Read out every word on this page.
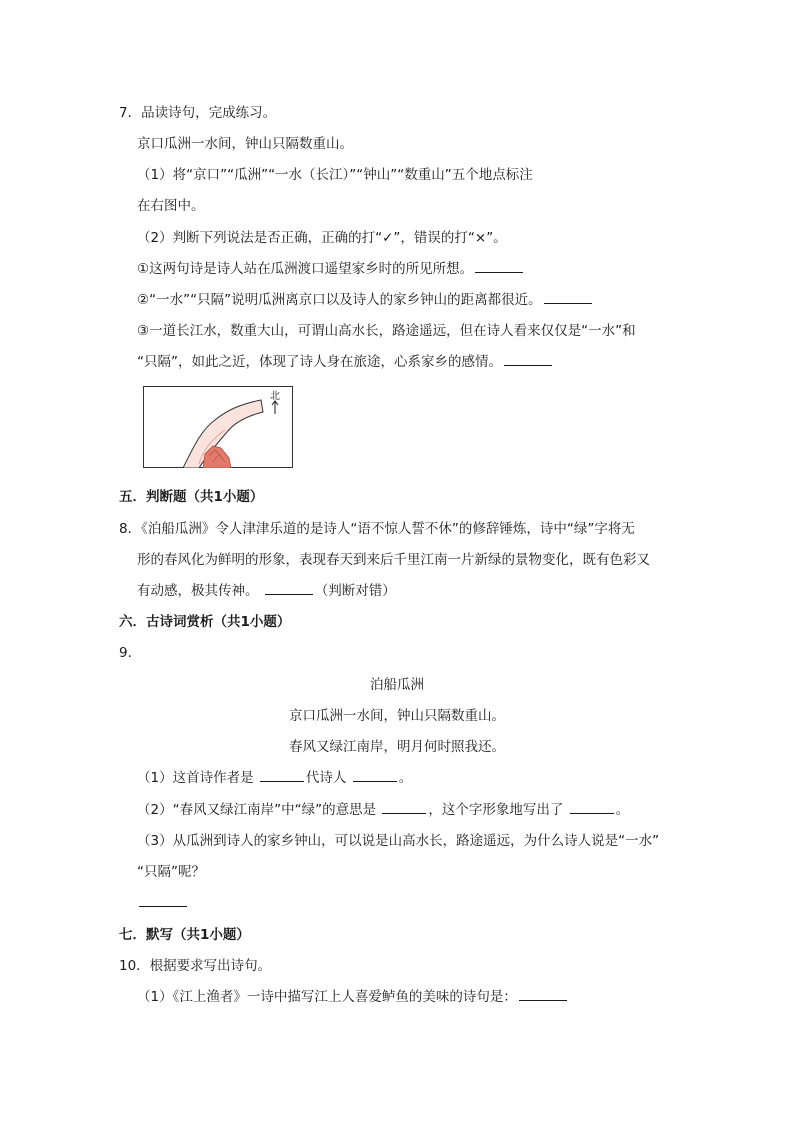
7．品读诗句，完成练习。
京口瓜洲一水间，钟山只隔数重山。
（1）将“京口”“瓜洲”“一水（长江）”“钟山”“数重山”五个地点标注
在右图中。
（2）判断下列说法是否正确，正确的打“✓”，错误的打“×”。
①这两句诗是诗人站在瓜洲渡口遥望家乡时的所见所想。
②“一水”“只隔”说明瓜洲离京口以及诗人的家乡钟山的距离都很近。
③一道长江水，数重大山，可谓山高水长，路途遥远，但在诗人看来仅仅是“一水”和
“只隔”，如此之近，体现了诗人身在旅途，心系家乡的感情。
北
五．判断题（共1小题）
8．《泊船瓜洲》令人津津乐道的是诗人“语不惊人誓不休”的修辞锤炼，诗中“绿”字将无
形的春风化为鲜明的形象，表现春天到来后千里江南一片新绿的景物变化，既有色彩又
有动感，极其传神。	（判断对错）
六．古诗词赏析（共1小题）
9．
泊船瓜洲
京口瓜洲一水间，钟山只隔数重山。
春风又绿江南岸，明月何时照我还。
（1）这首诗作者是	代诗人	。
（2）“春风又绿江南岸”中“绿”的意思是	，这个字形象地写出了	。
（3）从瓜洲到诗人的家乡钟山，可以说是山高水长，路途遥远，为什么诗人说是“一水”
“只隔”呢？
七．默写（共1小题）
10．根据要求写出诗句。
（1）《江上渔者》一诗中描写江上人喜爱鲈鱼的美味的诗句是：
